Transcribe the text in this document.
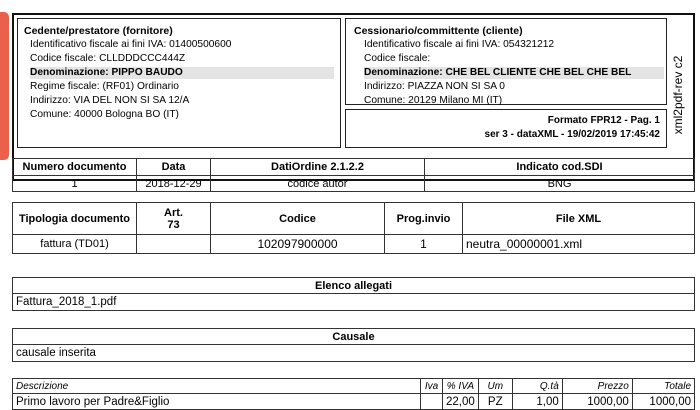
Cedente/prestatore (fornitore)
Identificativo fiscale ai fini IVA: 01400500600
Codice fiscale: CLLDDDCCC444Z
Denominazione: PIPPO BAUDO
Regime fiscale: (RF01) Ordinario
Indirizzo: VIA DEL NON SI SA 12/A
Comune: 40000 Bologna BO (IT)
Cessionario/committente (cliente)
Identificativo fiscale ai fini IVA: 054321212
Codice fiscale:
Denominazione: CHE BEL CLIENTE CHE BEL CHE BEL
Indirizzo: PIAZZA NON SI SA 0
Comune: 20129 Milano MI (IT)
Formato FPR12 - Pag. 1
ser 3 - dataXML - 19/02/2019 17:45:42
xml2pdf-rev c2
Numero documento	Data	DatiOrdine 2.1.2.2	Indicato cod.SDI
1	2018-12-29	codice autor	BNG
Tipologia documento	Art. 73	Codice	Prog.invio	File XML
fattura (TD01)		102097900000	1	neutra_00000001.xml
Elenco allegati
Fattura_2018_1.pdf
Causale
causale inserita
Descrizione	Iva	% IVA	Um	Q.tà	Prezzo	Totale
Primo lavoro per Padre&Figlio		22,00	PZ	1,00	1000,00	1000,00
